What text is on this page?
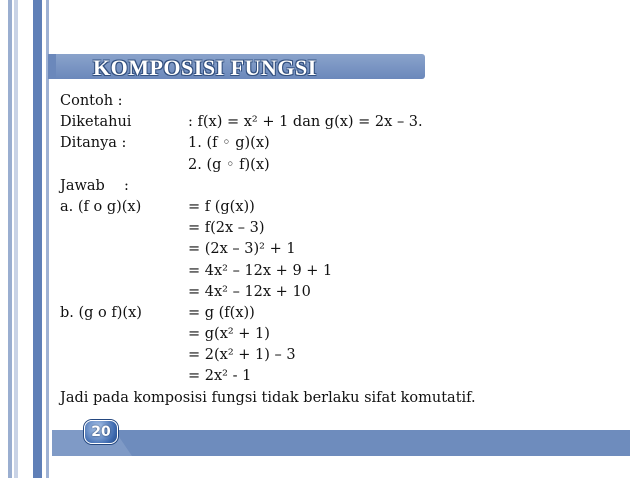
KOMPOSISI FUNGSI
Contoh :
Diketahui	: f(x) = x² + 1 dan g(x) = 2x – 3.
Ditanya :	1. (f ◦ g)(x)
2. (g ◦ f)(x)
Jawab :
a. (f o g)(x)	= f (g(x))
= f(2x – 3)
= (2x – 3)² + 1
= 4x² – 12x + 9 + 1
= 4x² – 12x + 10
b. (g o f)(x)	= g (f(x))
= g(x² + 1)
= 2(x² + 1) – 3
= 2x² - 1
Jadi pada komposisi fungsi tidak berlaku sifat komutatif.
20
